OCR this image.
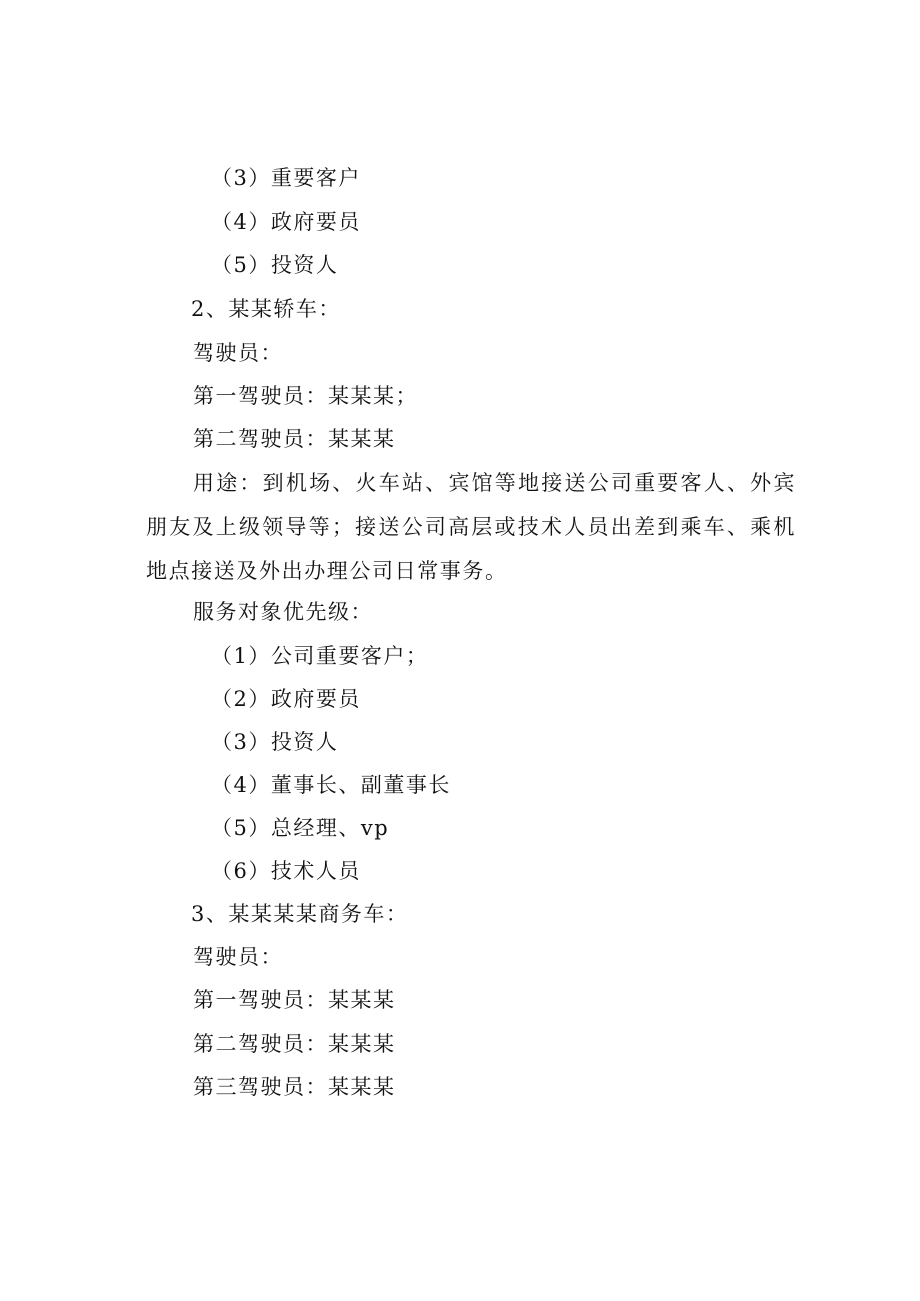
（3）重要客户
（4）政府要员
（5）投资人
2、某某轿车：
驾驶员：
第一驾驶员：某某某；
第二驾驶员：某某某
用途：到机场、火车站、宾馆等地接送公司重要客人、外宾朋友及上级领导等；接送公司高层或技术人员出差到乘车、乘机地点接送及外出办理公司日常事务。
服务对象优先级：
（1）公司重要客户；
（2）政府要员
（3）投资人
（4）董事长、副董事长
（5）总经理、vp
（6）技术人员
3、某某某某商务车：
驾驶员：
第一驾驶员：某某某
第二驾驶员：某某某
第三驾驶员：某某某
